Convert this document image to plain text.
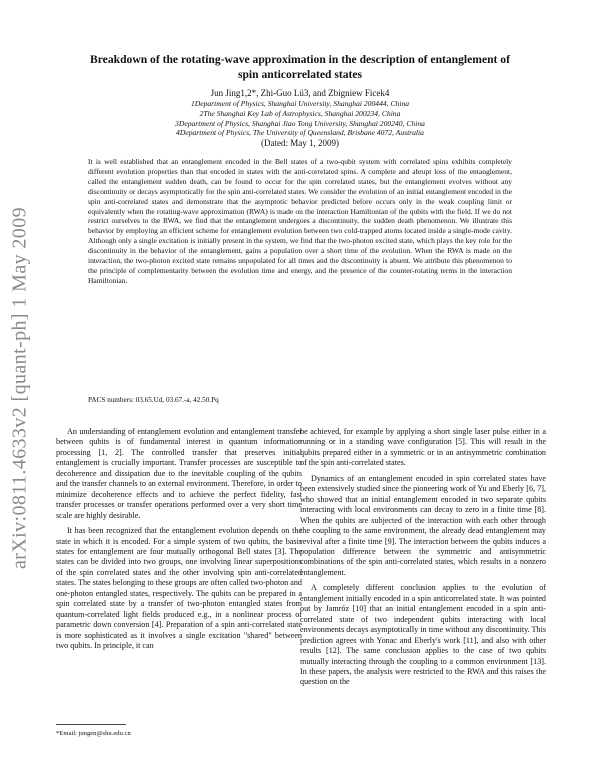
arXiv:0811.4633v2 [quant-ph] 1 May 2009
Breakdown of the rotating-wave approximation in the description of entanglement of
spin anticorrelated states
Jun Jing1,2*, Zhi-Guo Lü3, and Zbigniew Ficek4
1Department of Physics, Shanghai University, Shanghai 200444, China
2The Shanghai Key Lab of Astrophysics, Shanghai 200234, China
3Department of Physics, Shanghai Jiao Tong University, Shanghai 200240, China
4Department of Physics, The University of Queensland, Brisbane 4072, Australia
(Dated: May 1, 2009)
It is well established that an entanglement encoded in the Bell states of a two-qubit system with correlated spins exhibits completely different evolution properties than that encoded in states with the anti-correlated spins. A complete and abrupt loss of the entanglement, called the entanglement sudden death, can be found to occur for the spin correlated states, but the entanglement evolves without any discontinuity or decays asymptotically for the spin anti-correlated states. We consider the evolution of an initial entanglement encoded in the spin anti-correlated states and demonstrate that the asymptotic behavior predicted before occurs only in the weak coupling limit or equivalently when the rotating-wave approximation (RWA) is made on the interaction Hamiltonian of the qubits with the field. If we do not restrict ourselves to the RWA, we find that the entanglement undergoes a discontinuity, the sudden death phenomenon. We illustrate this behavior by employing an efficient scheme for entanglement evolution between two cold-trapped atoms located inside a single-mode cavity. Although only a single excitation is initially present in the system, we find that the two-photon excited state, which plays the key role for the discontinuity in the behavior of the entanglement, gains a population over a short time of the evolution. When the RWA is made on the interaction, the two-photon excited state remains unpopulated for all times and the discontinuity is absent. We attribute this phenomenon to the principle of complementarity between the evolution time and energy, and the presence of the counter-rotating terms in the interaction Hamiltonian.
PACS numbers: 03.65.Ud, 03.67.-a, 42.50.Pq

An understanding of entanglement evolution and entanglement transfer between qubits is of fundamental interest in quantum information processing [1, 2]. The controlled transfer that preserves initial entanglement is crucially important. Transfer processes are susceptible to decoherence and dissipation due to the inevitable coupling of the qubits and the transfer channels to an external environment. Therefore, in order to minimize decoherence effects and to achieve the perfect fidelity, fast transfer processes or transfer operations performed over a very short time scale are highly desirable.

It has been recognized that the entanglement evolution depends on the state in which it is encoded. For a simple system of two qubits, the basis states for entanglement are four mutually orthogonal Bell states [3]. The states can be divided into two groups, one involving linear superpositions of the spin correlated states and the other involving spin anti-correlated states. The states belonging to these groups are often called two-photon and one-photon entangled states, respectively. The qubits can be prepared in a spin correlated state by a transfer of two-photon entangled states from quantum-correlated light fields produced e.g., in a nonlinear process of parametric down conversion [4]. Preparation of a spin anti-correlated state is more sophisticated as it involves a single excitation "shared" between two qubits. In principle, it can

be achieved, for example by applying a short single laser pulse either in a running or in a standing wave configuration [5]. This will result in the qubits prepared either in a symmetric or in an antisymmetric combination of the spin anti-correlated states.

Dynamics of an entanglement encoded in spin correlated states have been extensively studied since the pioneering work of Yu and Eberly [6, 7], who showed that an initial entanglement encoded in two separate qubits interacting with local environments can decay to zero in a finite time [8]. When the qubits are subjected of the interaction with each other through the coupling to the same environment, the already dead entanglement may revival after a finite time [9]. The interaction between the qubits induces a population difference between the symmetric and antisymmetric combinations of the spin anti-correlated states, which results in a nonzero entanglement.

A completely different conclusion applies to the evolution of entanglement initially encoded in a spin anticorrelated state. It was pointed out by Jamróz [10] that an initial entanglement encoded in a spin anti-correlated state of two independent qubits interacting with local environments decays asymptotically in time without any discontinuity. This prediction agrees with Yonac and Eberly's work [11], and also with other results [12]. The same conclusion applies to the case of two qubits mutually interacting through the coupling to a common environment [13]. In these papers, the analysis were restricted to the RWA and this raises the question on the

*Email: jungen@shu.edu.cn
